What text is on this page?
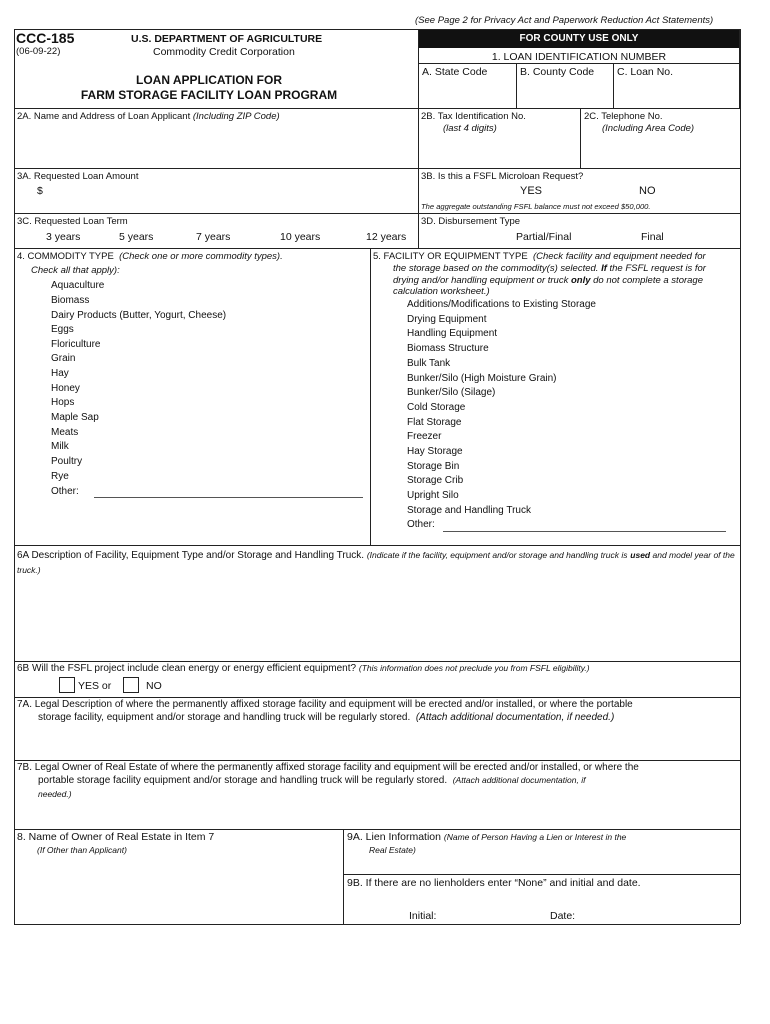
(See Page 2 for Privacy Act and Paperwork Reduction Act Statements)
CCC-185
(06-09-22)
U.S. DEPARTMENT OF AGRICULTURE
Commodity Credit Corporation
LOAN APPLICATION FOR
FARM STORAGE FACILITY LOAN PROGRAM
FOR COUNTY USE ONLY
1. LOAN IDENTIFICATION NUMBER
A. State Code	B. County Code C. Loan No.
2A. Name and Address of Loan Applicant (Including ZIP Code)	2B. Tax Identification No.
(last 4 digits)
2C. Telephone No.
(Including Area Code)
3A. Requested Loan Amount
$
3B. Is this a FSFL Microloan Request?
YES	NO
The aggregate outstanding FSFL balance must not exceed $50,000.
3C. Requested Loan Term
3 years	5 years	7 years	10 years	12 years
3D. Disbursement Type
Partial/Final	Final
4. COMMODITY TYPE (Check one or more commodity types).
Check all that apply):
Aquaculture
Biomass
Dairy Products (Butter, Yogurt, Cheese)
Eggs
Floriculture
Grain
Hay
Honey
Hops
Maple Sap
Meats
Milk
Poultry
Rye
Other:
5. FACILITY OR EQUIPMENT TYPE (Check facility and equipment needed for
the storage based on the commodity(s) selected. If the FSFL request is for
drying and/or handling equipment or truck only do not complete a storage
calculation worksheet.)
Additions/Modifications to Existing Storage
Drying Equipment
Handling Equipment
Biomass Structure
Bulk Tank
Bunker/Silo (High Moisture Grain)
Bunker/Silo (Silage)
Cold Storage
Flat Storage
Freezer
Hay Storage
Storage Bin
Storage Crib
Upright Silo
Storage and Handling Truck
Other:
6A Description of Facility, Equipment Type and/or Storage and Handling Truck. (Indicate if the facility, equipment and/or storage and handling truck is used and model year of the truck.)
6B Will the FSFL project include clean energy or energy efficient equipment? (This information does not preclude you from FSFL eligibility.)
YES or	NO
7A. Legal Description of where the permanently affixed storage facility and equipment will be erected and/or installed, or where the portable
storage facility, equipment and/or storage and handling truck will be regularly stored. (Attach additional documentation, if needed.)
7B. Legal Owner of Real Estate of where the permanently affixed storage facility and equipment will be erected and/or installed, or where the
portable storage facility equipment and/or storage and handling truck will be regularly stored. (Attach additional documentation, if
needed.)
8. Name of Owner of Real Estate in Item 7
(If Other than Applicant)
9A. Lien Information (Name of Person Having a Lien or Interest in the
Real Estate)
9B. If there are no lienholders enter “None” and initial and date.
Initial:	Date:
